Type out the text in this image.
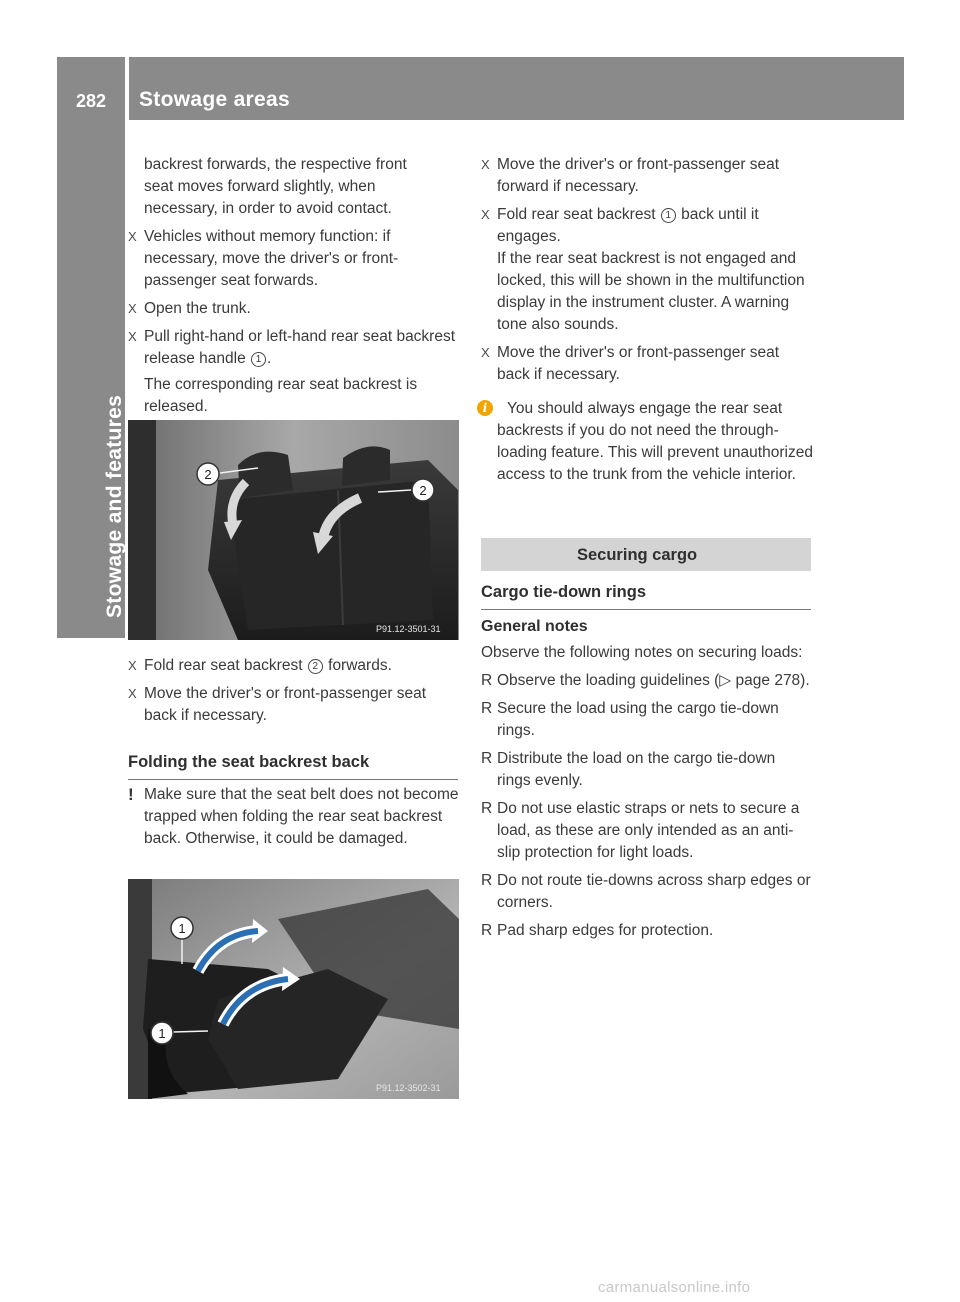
282	Stowage areas
Stowage and features
backrest forwards, the respective front
seat moves forward slightly, when
necessary, in order to avoid contact.
X Vehicles without memory function: if necessary, move the driver's or front-passenger seat forwards.
X Open the trunk.
X Pull right-hand or left-hand rear seat backrest release handle 1 .
The corresponding rear seat backrest is released.
2
2
P91.12-3501-31
X Fold rear seat backrest 2 forwards.
X Move the driver's or front-passenger seat back if necessary.
Folding the seat backrest back
! Make sure that the seat belt does not become trapped when folding the rear seat backrest back. Otherwise, it could be damaged.
1
1
P91.12-3502-31
X Move the driver's or front-passenger seat forward if necessary.
X Fold rear seat backrest 1 back until it engages.
If the rear seat backrest is not engaged and locked, this will be shown in the multifunction display in the instrument cluster. A warning tone also sounds.
X Move the driver's or front-passenger seat back if necessary.
i	You should always engage the rear seat backrests if you do not need the through-loading feature. This will prevent unauthorized access to the trunk from the vehicle interior.
Securing cargo
Cargo tie-down rings
General notes

Observe the following notes on securing loads:

R Observe the loading guidelines (▷ page 278).
R Secure the load using the cargo tie-down rings.
R Distribute the load on the cargo tie-down rings evenly.
R Do not use elastic straps or nets to secure a load, as these are only intended as an anti-slip protection for light loads.
R Do not route tie-downs across sharp edges or corners.
R Pad sharp edges for protection.
carmanualsonline.info
